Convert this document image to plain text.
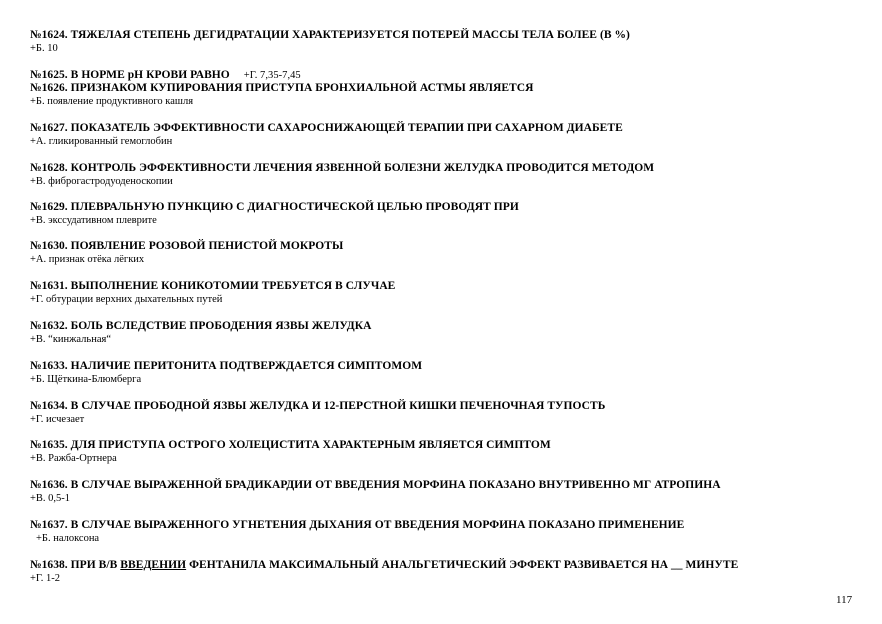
№1624. ТЯЖЕЛАЯ СТЕПЕНЬ ДЕГИДРАТАЦИИ ХАРАКТЕРИЗУЕТСЯ ПОТЕРЕЙ МАССЫ ТЕЛА БОЛЕЕ (В %)

+Б. 10

№1625. В НОРМЕ pH КРОВИ РАВНО +Г. 7,35-7,45

№1626. ПРИЗНАКОМ КУПИРОВАНИЯ ПРИСТУПА БРОНХИАЛЬНОЙ АСТМЫ ЯВЛЯЕТСЯ

+Б. появление продуктивного кашля

№1627. ПОКАЗАТЕЛЬ ЭФФЕКТИВНОСТИ САХАРОСНИЖАЮЩЕЙ ТЕРАПИИ ПРИ САХАРНОМ ДИАБЕТЕ

+А. гликированный гемоглобин

№1628. КОНТРОЛЬ ЭФФЕКТИВНОСТИ ЛЕЧЕНИЯ ЯЗВЕННОЙ БОЛЕЗНИ ЖЕЛУДКА ПРОВОДИТСЯ МЕТОДОМ

+В. фиброгастродуоденоскопии

№1629. ПЛЕВРАЛЬНУЮ ПУНКЦИЮ С ДИАГНОСТИЧЕСКОЙ ЦЕЛЬЮ ПРОВОДЯТ ПРИ

+В. экссудативном плеврите

№1630. ПОЯВЛЕНИЕ РОЗОВОЙ ПЕНИСТОЙ МОКРОТЫ

+А. признак отёка лёгких

№1631. ВЫПОЛНЕНИЕ КОНИКОТОМИИ ТРЕБУЕТСЯ В СЛУЧАЕ

+Г. обтурации верхних дыхательных путей

№1632. БОЛЬ ВСЛЕДСТВИЕ ПРОБОДЕНИЯ ЯЗВЫ ЖЕЛУДКА

+В. “кинжальная“

№1633. НАЛИЧИЕ ПЕРИТОНИТА ПОДТВЕРЖДАЕТСЯ СИМПТОМОМ

+Б. Щёткина-Блюмберга

№1634. В СЛУЧАЕ ПРОБОДНОЙ ЯЗВЫ ЖЕЛУДКА И 12-ПЕРСТНОЙ КИШКИ ПЕЧЕНОЧНАЯ ТУПОСТЬ

+Г. исчезает

№1635. ДЛЯ ПРИСТУПА ОСТРОГО ХОЛЕЦИСТИТА ХАРАКТЕРНЫМ ЯВЛЯЕТСЯ СИМПТОМ

+В. Ражба-Ортнера

№1636. В СЛУЧАЕ ВЫРАЖЕННОЙ БРАДИКАРДИИ ОТ ВВЕДЕНИЯ МОРФИНА ПОКАЗАНО ВНУТРИВЕННО МГ АТРОПИНА

+В. 0,5-1

№1637. В СЛУЧАЕ ВЫРАЖЕННОГО УГНЕТЕНИЯ ДЫХАНИЯ ОТ ВВЕДЕНИЯ МОРФИНА ПОКАЗАНО ПРИМЕНЕНИЕ

+Б. налоксона

№1638. ПРИ В/В ВВЕДЕНИИ ФЕНТАНИЛА МАКСИМАЛЬНЫЙ АНАЛЬГЕТИЧЕСКИЙ ЭФФЕКТ РАЗВИВАЕТСЯ НА __ МИНУТЕ

+Г. 1-2

117
